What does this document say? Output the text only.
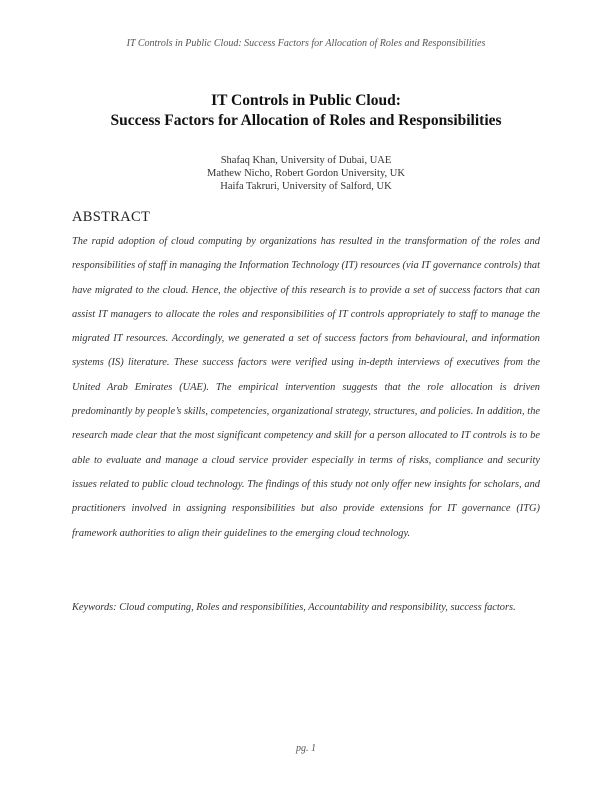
IT Controls in Public Cloud: Success Factors for Allocation of Roles and Responsibilities
IT Controls in Public Cloud:
Success Factors for Allocation of Roles and Responsibilities
Shafaq Khan, University of Dubai, UAE
Mathew Nicho, Robert Gordon University, UK
Haifa Takruri, University of Salford, UK
ABSTRACT

The rapid adoption of cloud computing by organizations has resulted in the transformation of the roles and responsibilities of staff in managing the Information Technology (IT) resources (via IT governance controls) that have migrated to the cloud. Hence, the objective of this research is to provide a set of success factors that can assist IT managers to allocate the roles and responsibilities of IT controls appropriately to staff to manage the migrated IT resources. Accordingly, we generated a set of success factors from behavioural, and information systems (IS) literature. These success factors were verified using in-depth interviews of executives from the United Arab Emirates (UAE). The empirical intervention suggests that the role allocation is driven predominantly by people’s skills, competencies, organizational strategy, structures, and policies. In addition, the research made clear that the most significant competency and skill for a person allocated to IT controls is to be able to evaluate and manage a cloud service provider especially in terms of risks, compliance and security issues related to public cloud technology. The findings of this study not only offer new insights for scholars, and practitioners involved in assigning responsibilities but also provide extensions for IT governance (ITG) framework authorities to align their guidelines to the emerging cloud technology.

Keywords: Cloud computing, Roles and responsibilities, Accountability and responsibility, success factors.

pg. 1
